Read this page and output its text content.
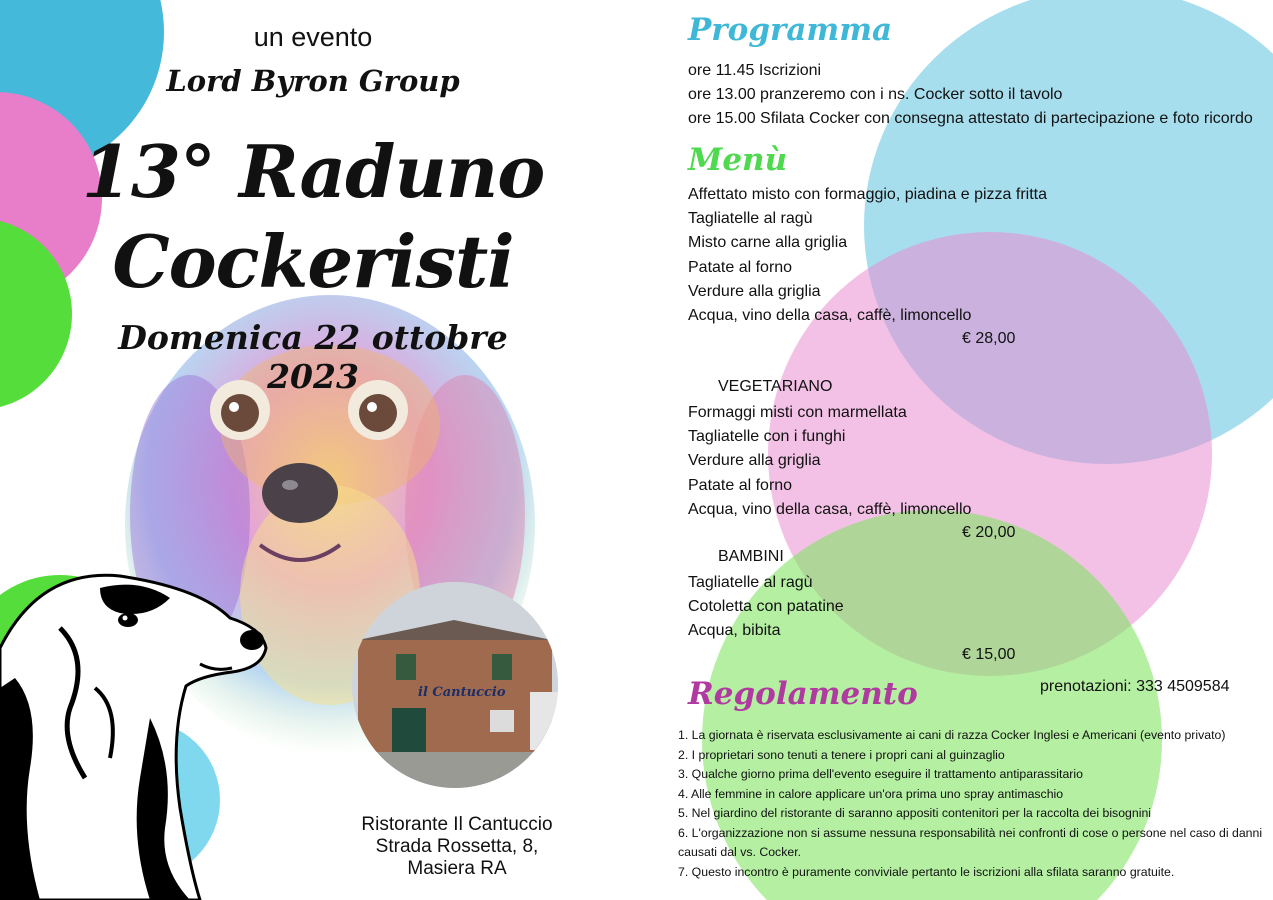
un evento
Lord Byron Group
13° Raduno
Cockeristi
Domenica 22 ottobre 2023
il Cantuccio
Ristorante Il Cantuccio
Strada Rossetta, 8,
Masiera RA
Programma
ore 11.45 Iscrizioni
ore 13.00 pranzeremo con i ns. Cocker sotto il tavolo
ore 15.00 Sfilata Cocker con consegna attestato di partecipazione e foto ricordo
Menù
Affettato misto con formaggio, piadina e pizza fritta
Tagliatelle al ragù
Misto carne alla griglia
Patate al forno
Verdure alla griglia
Acqua, vino della casa, caffè, limoncello
€ 28,00
VEGETARIANO
Formaggi misti con marmellata
Tagliatelle con i funghi
Verdure alla griglia
Patate al forno
Acqua, vino della casa, caffè, limoncello
€ 20,00
BAMBINI
Tagliatelle al ragù
Cotoletta con patatine
Acqua, bibita
€ 15,00
Regolamento	prenotazioni: 333 4509584
1. La giornata è riservata esclusivamente ai cani di razza Cocker Inglesi e Americani (evento privato)
2. I proprietari sono tenuti a tenere i propri cani al guinzaglio
3. Qualche giorno prima dell'evento eseguire il trattamento antiparassitario
4. Alle femmine in calore applicare un'ora prima uno spray antimaschio
5. Nel giardino del ristorante di saranno appositi contenitori per la raccolta dei bisognini
6. L'organizzazione non si assume nessuna responsabilità nei confronti di cose o persone nel caso di danni causati dal vs. Cocker.
7. Questo incontro è puramente conviviale pertanto le iscrizioni alla sfilata saranno gratuite.
